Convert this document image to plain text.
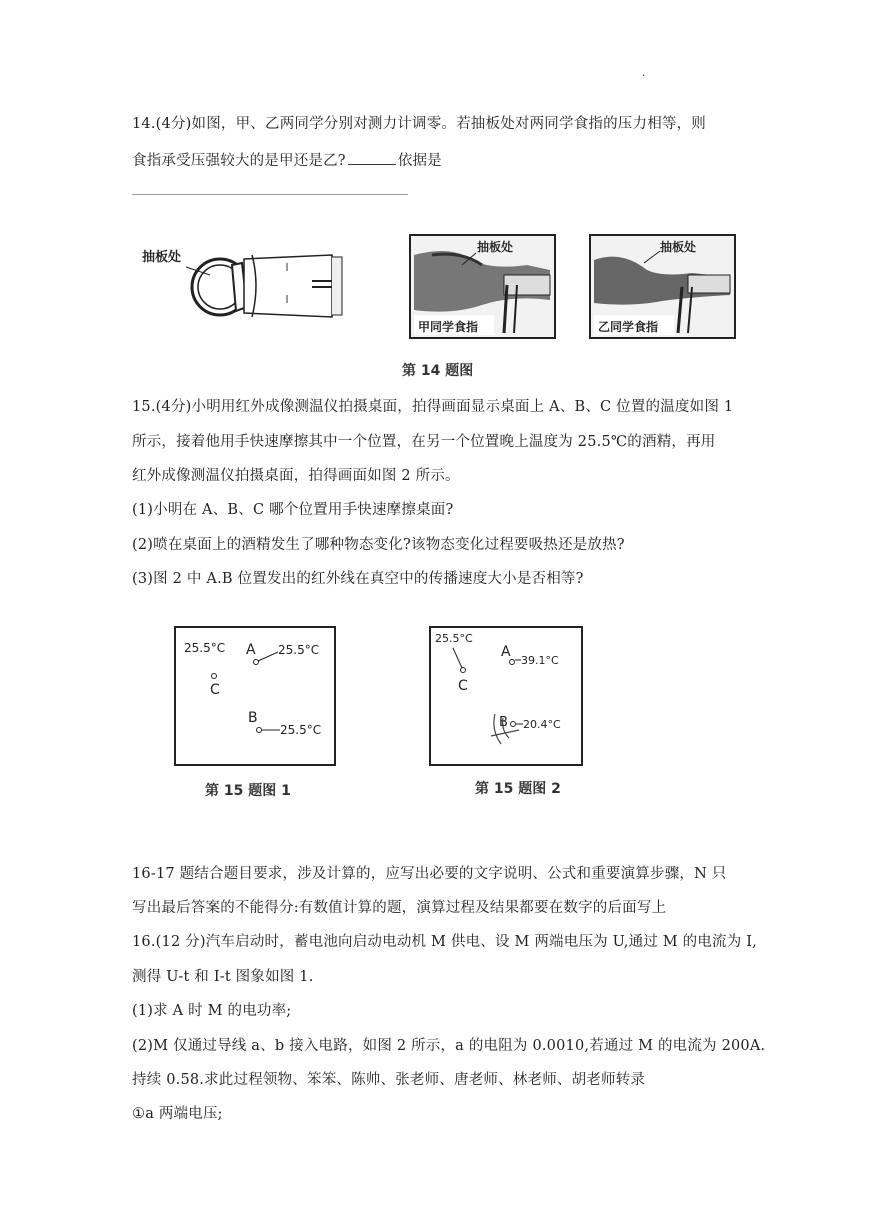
.
14.(4分)如图，甲、乙两同学分别对测力计调零。若抽板处对两同学食指的压力相等，则
食指承受压强较大的是甲还是乙?	依据是
抽板处
抽板处
甲同学食指
抽板处
乙同学食指
第 14 题图
15.(4分)小明用红外成像测温仪拍摄桌面，拍得画面显示桌面上 A、B、C 位置的温度如图 1
所示，接着他用手快速摩擦其中一个位置，在另一个位置晚上温度为 25.5℃的酒精，再用
红外成像测温仪拍摄桌面，拍得画面如图 2 所示。
(1)小明在 A、B、C 哪个位置用手快速摩擦桌面?
(2)喷在桌面上的酒精发生了哪种物态变化?该物态变化过程要吸热还是放热?
(3)图 2 中 A.B 位置发出的红外线在真空中的传播速度大小是否相等?
25.5°C A 25.5°C
C
B
25.5°C
第 15 题图 1
25.5°C
C
A
39.1°C
B 20.4°C
第 15 题图 2
16-17 题结合题目要求，涉及计算的，应写出必要的文字说明、公式和重要演算步骤，N 只
写出最后答案的不能得分:有数值计算的题，演算过程及结果都要在数字的后面写上
16.(12 分)汽车启动时，蓄电池向启动电动机 M 供电、设 M 两端电压为 U,通过 M 的电流为 I,
测得 U-t 和 I-t 图象如图 1.
(1)求 A 时 M 的电功率;
(2)M 仅通过导线 a、b 接入电路，如图 2 所示，a 的电阻为 0.0010,若通过 M 的电流为 200A.
持续 0.58.求此过程领物、笨笨、陈帅、张老师、唐老师、林老师、胡老师转录
①a 两端电压;
